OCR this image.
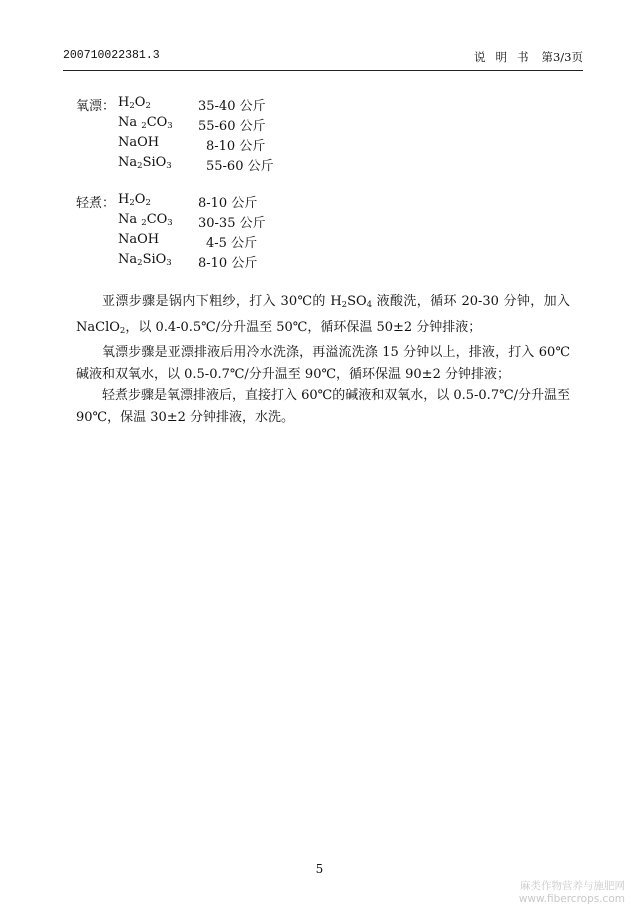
200710022381.3	说明书 第3/3页
氧漂： $H_2O_2$	35-40 公斤
Na $_2CO_3$ 55-60 公斤
NaOH	8-10 公斤
$Na_2SiO_3$	55-60 公斤
轻煮： $H_2O_2$	8-10 公斤
Na $_2CO_3$ 30-35 公斤
NaOH	4-5 公斤
$Na_2SiO_3$ 8-10 公斤

亚漂步骤是锅内下粗纱，打入 30℃的 $H_2SO_4$ 液酸洗，循环 20-30 分钟，加入 NaClO$_2$，以 0.4-0.5℃/分升温至 50℃，循环保温 50±2 分钟排液；

氧漂步骤是亚漂排液后用冷水洗涤，再溢流洗涤 15 分钟以上，排液，打入 60℃碱液和双氧水，以 0.5-0.7℃/分升温至 90℃，循环保温 90±2 分钟排液；

轻煮步骤是氧漂排液后，直接打入 60℃的碱液和双氧水，以 0.5-0.7℃/分升温至 90℃，保温 30±2 分钟排液，水洗。

5
麻类作物营养与施肥网
www.fibercrops.com
